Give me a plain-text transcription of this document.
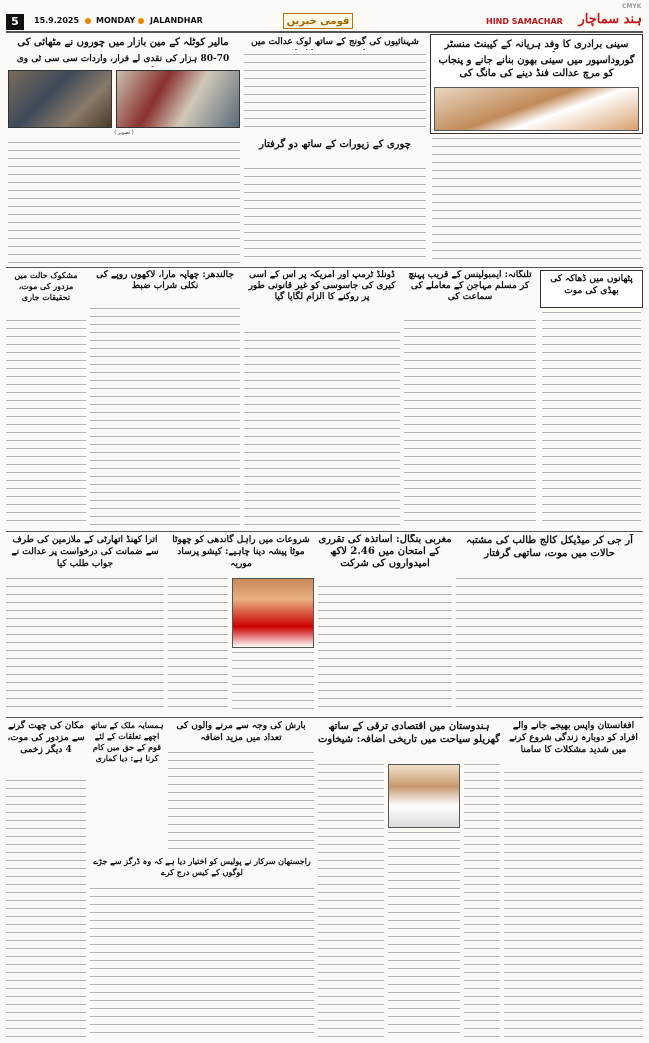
5	15.9.2025 MONDAY JALANDHAR	قومی خبریں	HIND SAMACHAR	ہند سماچار
CMYK
سینی برادری کا وفد ہریانہ کے کیبنٹ منسٹر
گوروداسپور میں سینی بھون بنانے جانے و پنجاب کو مرچ عدالت فنڈ دینے کی مانگ کی
شہنائیوں کی گونج کے ساتھ لوک عدالت میں
مالیر کوٹلہ کے مین بازار میں چوروں نے مٹھائی کی
80-70 ہزار کی نقدی لے فرار، واردات سی سی ٹی وی
( تصویر )
چوری کے زیورات کے ساتھ دو گرفتار
پٹھانوں میں ڈھاکہ کی بھڈی کی موت
تلنگانہ: ایمبولینس کے قریب پہنچ کر مسلم مہاجن کے معاملے کی سماعت کی
ڈونلڈ ٹرمپ اور امریکہ پر اس کے اسی کیری کی جاسوسی کو غیر قانونی طور پر روکنے کا الزام لگایا گیا
مشکوک حالت میں مزدور کی موت، تحقیقات جاری
جالندھر: چھاپہ مارا، لاکھوں روپے کی نکلی شراب ضبط
آر جی کر میڈیکل کالج طالب کی مشتبہ حالات میں موت، ساتھی گرفتار
مغربی بنگال: اساتذہ کی تقرری کے امتحان میں 2.46 لاکھ امیدواروں کی شرکت
شروعات میں راہل گاندھی کو چھوٹا موٹا پیشہ دینا چاہیے: کیشو پرساد موریہ
اترا کھنڈ اتھارٹی کے ملازمین کی طرف سے ضمانت کی درخواست پر عدالت نے جواب طلب کیا
افغانستان واپس بھیجے جانے والے افراد کو دوبارہ زندگی شروع کرنے میں شدید مشکلات کا سامنا
ہندوستان میں اقتصادی ترقی کے ساتھ گھریلو سیاحت میں تاریخی اضافہ: شیخاوت
بارش کی وجہ سے مرنے والوں کی تعداد میں مزید اضافہ
مکان کی چھت گرنے سے مزدور کی موت، 4 دیگر زخمی
راجستھان سرکار نے پولیس کو اختیار دیا ہے کہ وہ ڈرگز سے جڑے لوگوں کے کیس درج کرے
ہمسایہ ملک کے ساتھ اچھے تعلقات کے لئے قوم کے حق میں کام کرنا ہے: دیا کماری
